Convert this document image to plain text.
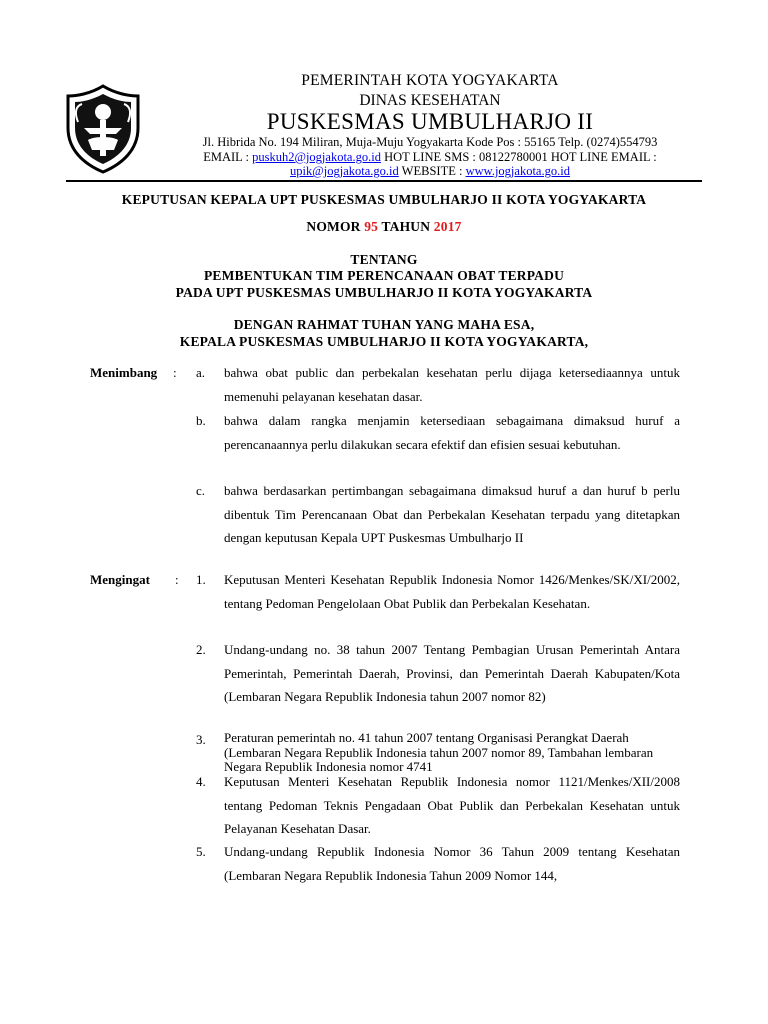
PEMERINTAH KOTA YOGYAKARTA
DINAS KESEHATAN
PUSKESMAS UMBULHARJO II
Jl. Hibrida No. 194 Miliran, Muja-Muju Yogyakarta Kode Pos : 55165 Telp. (0274)554793
EMAIL : puskuh2@jogjakota.go.id HOT LINE SMS : 08122780001 HOT LINE EMAIL :
upik@jogjakota.go.id WEBSITE : www.jogjakota.go.id
KEPUTUSAN KEPALA UPT PUSKESMAS UMBULHARJO II KOTA YOGYAKARTA
NOMOR 95 TAHUN 2017
TENTANG
PEMBENTUKAN TIM PERENCANAAN OBAT TERPADU
PADA UPT PUSKESMAS UMBULHARJO II KOTA YOGYAKARTA
DENGAN RAHMAT TUHAN YANG MAHA ESA,
KEPALA PUSKESMAS UMBULHARJO II KOTA YOGYAKARTA,
Menimbang : a. bahwa obat public dan perbekalan kesehatan perlu dijaga ketersediaannya untuk memenuhi pelayanan kesehatan dasar.
b. bahwa dalam rangka menjamin ketersediaan sebagaimana dimaksud huruf a perencanaannya perlu dilakukan secara efektif dan efisien sesuai kebutuhan.
c. bahwa berdasarkan pertimbangan sebagaimana dimaksud huruf a dan huruf b perlu dibentuk Tim Perencanaan Obat dan Perbekalan Kesehatan terpadu yang ditetapkan dengan keputusan Kepala UPT Puskesmas Umbulharjo II
Mengingat : 1. Keputusan Menteri Kesehatan Republik Indonesia Nomor 1426/Menkes/SK/XI/2002, tentang Pedoman Pengelolaan Obat Publik dan Perbekalan Kesehatan.
2. Undang-undang no. 38 tahun 2007 Tentang Pembagian Urusan Pemerintah Antara Pemerintah, Pemerintah Daerah, Provinsi, dan Pemerintah Daerah Kabupaten/Kota (Lembaran Negara Republik Indonesia tahun 2007 nomor 82)
3. Peraturan pemerintah no. 41 tahun 2007 tentang Organisasi Perangkat Daerah (Lembaran Negara Republik Indonesia tahun 2007 nomor 89, Tambahan lembaran Negara Republik Indonesia nomor 4741
4. Keputusan Menteri Kesehatan Republik Indonesia nomor 1121/Menkes/XII/2008 tentang Pedoman Teknis Pengadaan Obat Publik dan Perbekalan Kesehatan untuk Pelayanan Kesehatan Dasar.
5. Undang-undang Republik Indonesia Nomor 36 Tahun 2009 tentang Kesehatan (Lembaran Negara Republik Indonesia Tahun 2009 Nomor 144,
